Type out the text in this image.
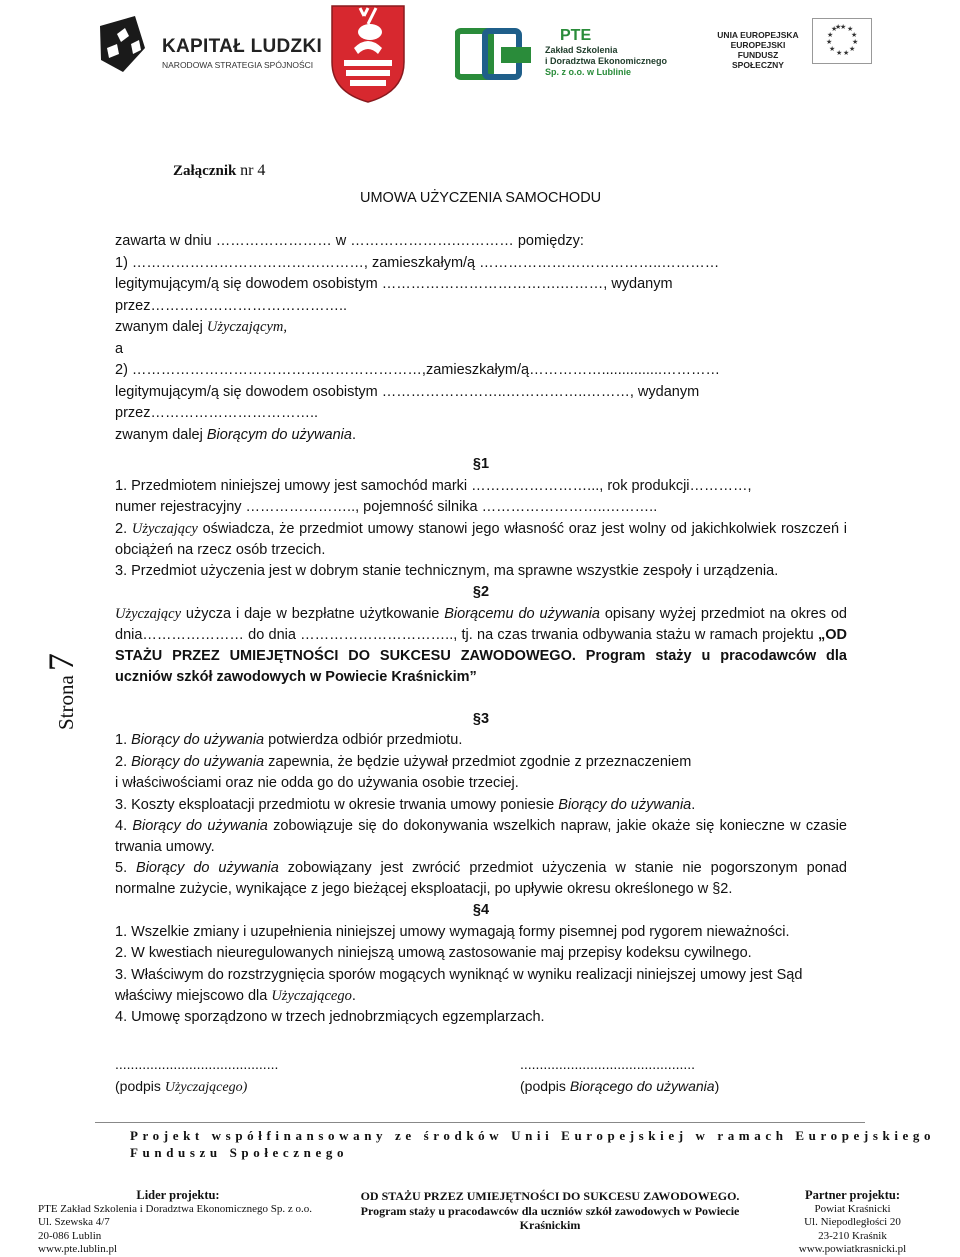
KAPITAŁ LUDZKI
NARODOWA STRATEGIA SPÓJNOŚCI
PTE
Zakład Szkolenia
i Doradztwa Ekonomicznego
Sp. z o.o. w Lublinie
UNIA EUROPEJSKA
EUROPEJSKI
FUNDUSZ SPOŁECZNY
★ ★
★
★
★
★
★
★
★
★
★
★
Strona 7
Załącznik nr 4
UMOWA UŻYCZENIA SAMOCHODU
zawarta w dniu …………………… w ………………….………… pomiędzy:
1) …………………………………………, zamieszkałym/ą ………………………………..…………
legitymującym/ą się dowodem osobistym ……………………………….………, wydanym
przez…………………………………..
zwanym dalej Użyczającym,
a
2) ……………………………………………………,zamieszkałym/ą……………...............…………
legitymującym/ą się dowodem osobistym ……………………..……………..………, wydanym
przez……………………………..
zwanym dalej Biorącym do używania.
§1
1. Przedmiotem niniejszej umowy jest samochód marki ……………………..., rok produkcji…………,
numer rejestracyjny ………………….., pojemność silnika ……………………..………..
2. Użyczający oświadcza, że przedmiot umowy stanowi jego własność oraz jest wolny od jakichkolwiek roszczeń i obciążeń na rzecz osób trzecich.
3. Przedmiot użyczenia jest w dobrym stanie technicznym, ma sprawne wszystkie zespoły i urządzenia.
§2
Użyczający użycza i daje w bezpłatne użytkowanie Biorącemu do używania opisany wyżej przedmiot na okres od dnia………………… do dnia ………………………….., tj. na czas trwania odbywania stażu w ramach projektu „OD STAŻU PRZEZ UMIEJĘTNOŚCI DO SUKCESU ZAWODOWEGO. Program staży u pracodawców dla uczniów szkół zawodowych w Powiecie Kraśnickim”
§3
1. Biorący do używania potwierdza odbiór przedmiotu.
2. Biorący do używania zapewnia, że będzie używał przedmiot zgodnie z przeznaczeniem
i właściwościami oraz nie odda go do używania osobie trzeciej.
3. Koszty eksploatacji przedmiotu w okresie trwania umowy poniesie Biorący do używania.
4. Biorący do używania zobowiązuje się do dokonywania wszelkich napraw, jakie okaże się konieczne w czasie trwania umowy.
5. Biorący do używania zobowiązany jest zwrócić przedmiot użyczenia w stanie nie pogorszonym ponad normalne zużycie, wynikające z jego bieżącej eksploatacji, po upływie okresu określonego w §2.
§4
1. Wszelkie zmiany i uzupełnienia niniejszej umowy wymagają formy pisemnej pod rygorem nieważności.
2. W kwestiach nieuregulowanych niniejszą umową zastosowanie maj przepisy kodeksu cywilnego.
3. Właściwym do rozstrzygnięcia sporów mogących wyniknąć w wyniku realizacji niniejszej umowy jest Sąd właściwy miejscowo dla Użyczającego.
4. Umowę sporządzono w trzech jednobrzmiących egzemplarzach.
..........................................
(podpis Użyczającego)
.............................................
(podpis Biorącego do używania)
Projekt współfinansowany ze środków Unii Europejskiej w ramach Europejskiego
Funduszu Społecznego
Lider projektu:
PTE Zakład Szkolenia i Doradztwa Ekonomicznego Sp. z o.o.
Ul. Szewska 4/7
20-086 Lublin
www.pte.lublin.pl
OD STAŻU PRZEZ UMIEJĘTNOŚCI DO SUKCESU ZAWODOWEGO. Program staży u pracodawców dla uczniów szkół zawodowych w Powiecie Kraśnickim
Partner projektu:
Powiat Kraśnicki
Ul. Niepodległości 20
23-210 Kraśnik
www.powiatkrasnicki.pl
